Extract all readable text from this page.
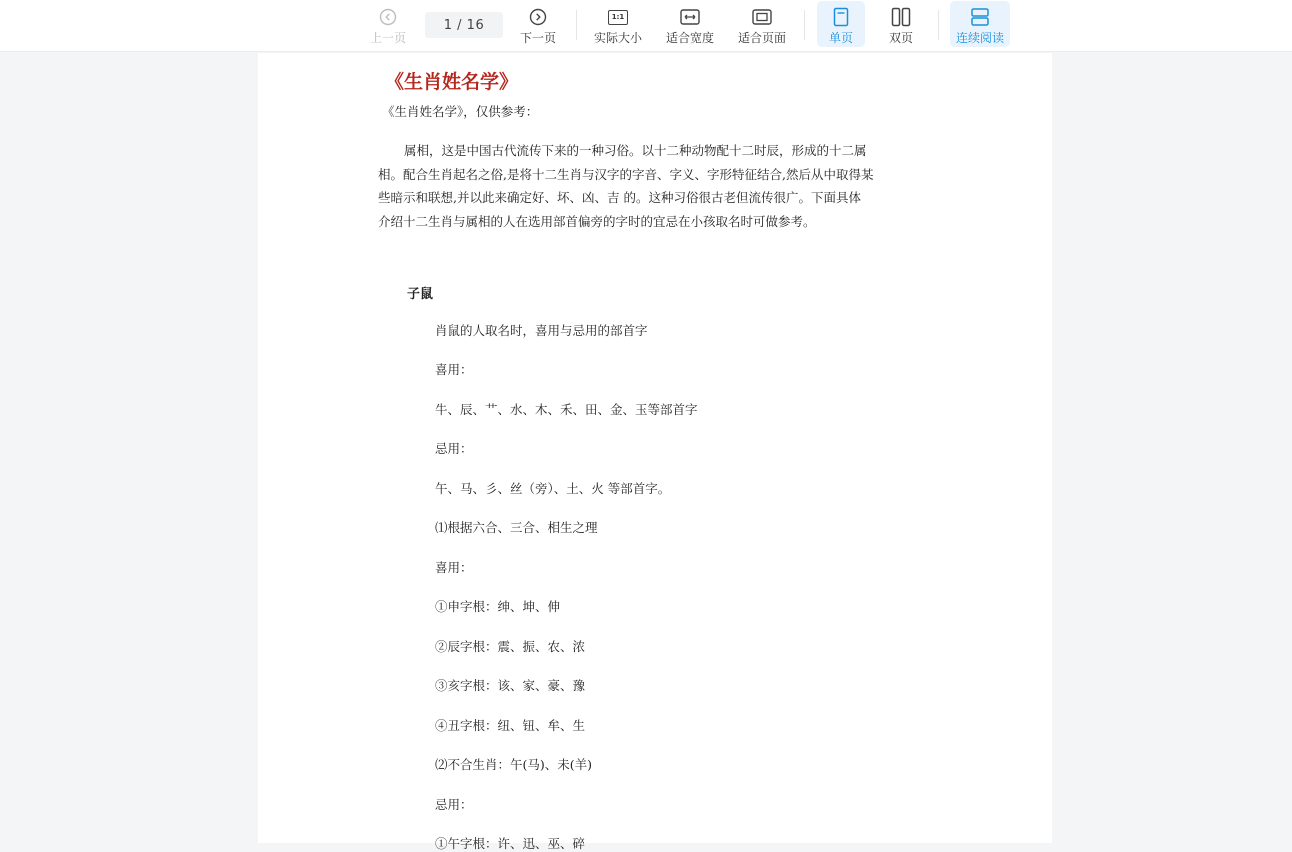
上一页
1 / 16
下一页
1:1
实际大小 适合宽度 适合页面	单页	双页	连续阅读

《生肖姓名学》

《生肖姓名学》，仅供参考：

属相，这是中国古代流传下来的一种习俗。以十二种动物配十二时辰，形成的十二属
相。配合生肖起名之俗,是将十二生肖与汉字的字音、字义、字形特征结合,然后从中取得某
些暗示和联想,并以此来确定好、坏、凶、吉 的。这种习俗很古老但流传很广。下面具体
介绍十二生肖与属相的人在选用部首偏旁的字时的宜忌在小孩取名时可做参考。

子鼠

肖鼠的人取名时，喜用与忌用的部首字

喜用：

牛、辰、艹、水、木、禾、田、金、玉等部首字

忌用：

午、马、彡、丝（旁）、土、火 等部首字。

⑴根据六合、三合、相生之理

喜用：

①申字根：绅、坤、伸

②辰字根：震、振、农、浓

③亥字根：该、家、豪、豫

④丑字根：纽、钮、牟、生

⑵不合生肖：午(马)、未(羊)

忌用：

①午字根：许、迅、巫、碎
